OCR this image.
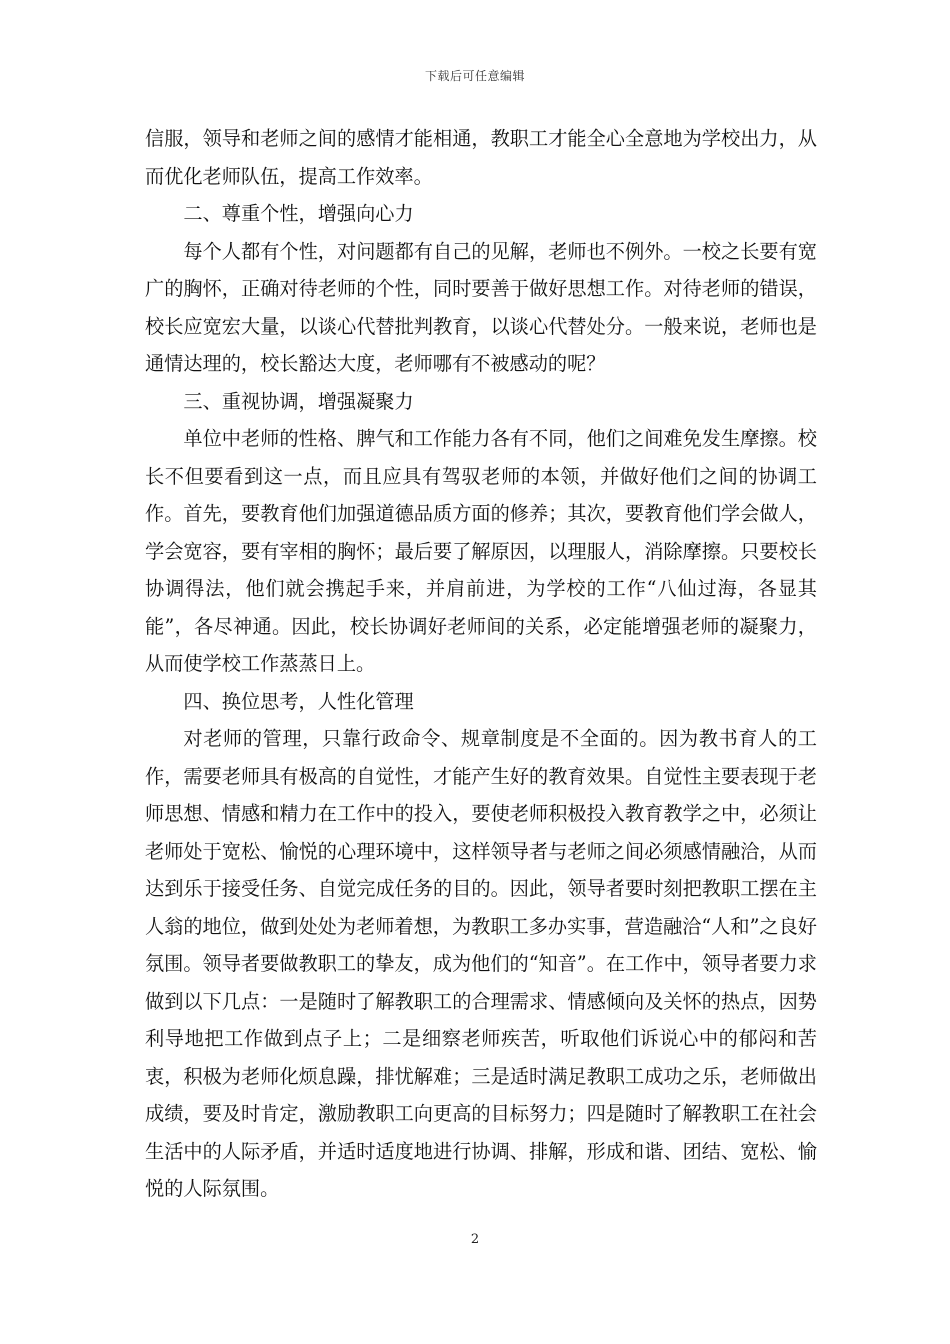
下载后可任意编辑

信服，领导和老师之间的感情才能相通，教职工才能全心全意地为学校出力，从而优化老师队伍，提高工作效率。

二、尊重个性，增强向心力

每个人都有个性，对问题都有自己的见解，老师也不例外。一校之长要有宽广的胸怀，正确对待老师的个性，同时要善于做好思想工作。对待老师的错误，校长应宽宏大量，以谈心代替批判教育，以谈心代替处分。一般来说，老师也是通情达理的，校长豁达大度，老师哪有不被感动的呢？

三、重视协调，增强凝聚力

单位中老师的性格、脾气和工作能力各有不同，他们之间难免发生摩擦。校长不但要看到这一点，而且应具有驾驭老师的本领，并做好他们之间的协调工作。首先，要教育他们加强道德品质方面的修养；其次，要教育他们学会做人，学会宽容，要有宰相的胸怀；最后要了解原因，以理服人，消除摩擦。只要校长协调得法，他们就会携起手来，并肩前进，为学校的工作“八仙过海，各显其能”，各尽神通。因此，校长协调好老师间的关系，必定能增强老师的凝聚力，从而使学校工作蒸蒸日上。

四、换位思考，人性化管理

对老师的管理，只靠行政命令、规章制度是不全面的。因为教书育人的工作，需要老师具有极高的自觉性，才能产生好的教育效果。自觉性主要表现于老师思想、情感和精力在工作中的投入，要使老师积极投入教育教学之中，必须让老师处于宽松、愉悦的心理环境中，这样领导者与老师之间必须感情融洽，从而达到乐于接受任务、自觉完成任务的目的。因此，领导者要时刻把教职工摆在主人翁的地位，做到处处为老师着想，为教职工多办实事，营造融洽“人和”之良好氛围。领导者要做教职工的挚友，成为他们的“知音”。在工作中，领导者要力求做到以下几点：一是随时了解教职工的合理需求、情感倾向及关怀的热点，因势利导地把工作做到点子上；二是细察老师疾苦，听取他们诉说心中的郁闷和苦衷，积极为老师化烦息躁，排忧解难；三是适时满足教职工成功之乐，老师做出成绩，要及时肯定，激励教职工向更高的目标努力；四是随时了解教职工在社会生活中的人际矛盾，并适时适度地进行协调、排解，形成和谐、团结、宽松、愉悦的人际氛围。

2
